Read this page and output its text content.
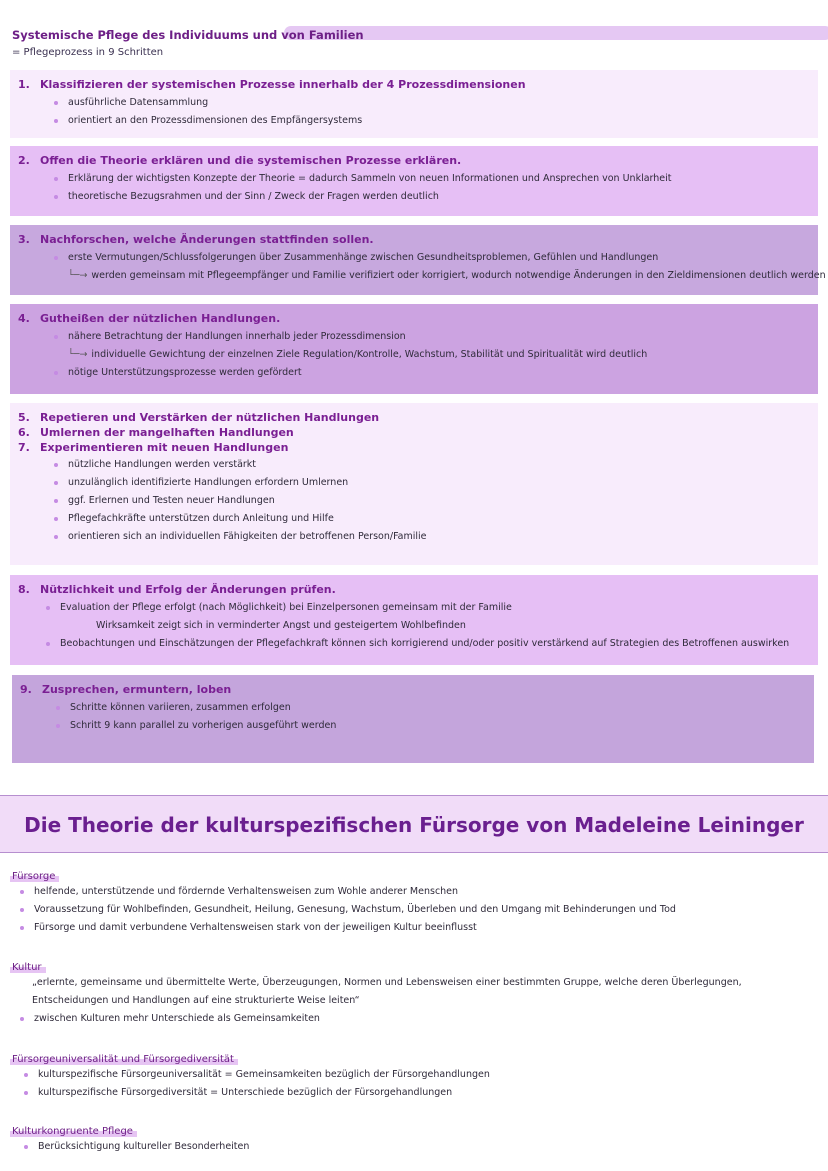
Systemische Pflege des Individuums und von Familien
= Pflegeprozess in 9 Schritten
1. Klassifizieren der systemischen Prozesse innerhalb der 4 Prozessdimensionen
ausführliche Datensammlung
orientiert an den Prozessdimensionen des Empfängersystems
2. Offen die Theorie erklären und die systemischen Prozesse erklären.
Erklärung der wichtigsten Konzepte der Theorie = dadurch Sammeln von neuen Informationen und Ansprechen von Unklarheit
theoretische Bezugsrahmen und der Sinn / Zweck der Fragen werden deutlich
3. Nachforschen, welche Änderungen stattfinden sollen.
erste Vermutungen/Schlussfolgerungen über Zusammenhänge zwischen Gesundheitsproblemen, Gefühlen und Handlungen
└─→ werden gemeinsam mit Pflegeempfänger und Familie verifiziert oder korrigiert, wodurch notwendige Änderungen in den Zieldimensionen deutlich werden
4. Gutheißen der nützlichen Handlungen.
nähere Betrachtung der Handlungen innerhalb jeder Prozessdimension
└─→ individuelle Gewichtung der einzelnen Ziele Regulation/Kontrolle, Wachstum, Stabilität und Spiritualität wird deutlich
nötige Unterstützungsprozesse werden gefördert
5. Repetieren und Verstärken der nützlichen Handlungen
6. Umlernen der mangelhaften Handlungen
7. Experimentieren mit neuen Handlungen
nützliche Handlungen werden verstärkt
unzulänglich identifizierte Handlungen erfordern Umlernen
ggf. Erlernen und Testen neuer Handlungen
Pflegefachkräfte unterstützen durch Anleitung und Hilfe
orientieren sich an individuellen Fähigkeiten der betroffenen Person/Familie
8. Nützlichkeit und Erfolg der Änderungen prüfen.
Evaluation der Pflege erfolgt (nach Möglichkeit) bei Einzelpersonen gemeinsam mit der Familie
Wirksamkeit zeigt sich in verminderter Angst und gesteigertem Wohlbefinden
Beobachtungen und Einschätzungen der Pflegefachkraft können sich korrigierend und/oder positiv verstärkend auf Strategien des Betroffenen auswirken
9. Zusprechen, ermuntern, loben
Schritte können variieren, zusammen erfolgen
Schritt 9 kann parallel zu vorherigen ausgeführt werden
Die Theorie der kulturspezifischen Fürsorge von Madeleine Leininger
Fürsorge
helfende, unterstützende und fördernde Verhaltensweisen zum Wohle anderer Menschen
Voraussetzung für Wohlbefinden, Gesundheit, Heilung, Genesung, Wachstum, Überleben und den Umgang mit Behinderungen und Tod
Fürsorge und damit verbundene Verhaltensweisen stark von der jeweiligen Kultur beeinflusst
Kultur
„erlernte, gemeinsame und übermittelte Werte, Überzeugungen, Normen und Lebensweisen einer bestimmten Gruppe, welche deren Überlegungen, Entscheidungen und Handlungen auf eine strukturierte Weise leiten“
zwischen Kulturen mehr Unterschiede als Gemeinsamkeiten
Fürsorgeuniversalität und Fürsorgediversität
kulturspezifische Fürsorgeuniversalität = Gemeinsamkeiten bezüglich der Fürsorgehandlungen
kulturspezifische Fürsorgediversität = Unterschiede bezüglich der Fürsorgehandlungen
Kulturkongruente Pflege
Berücksichtigung kultureller Besonderheiten
